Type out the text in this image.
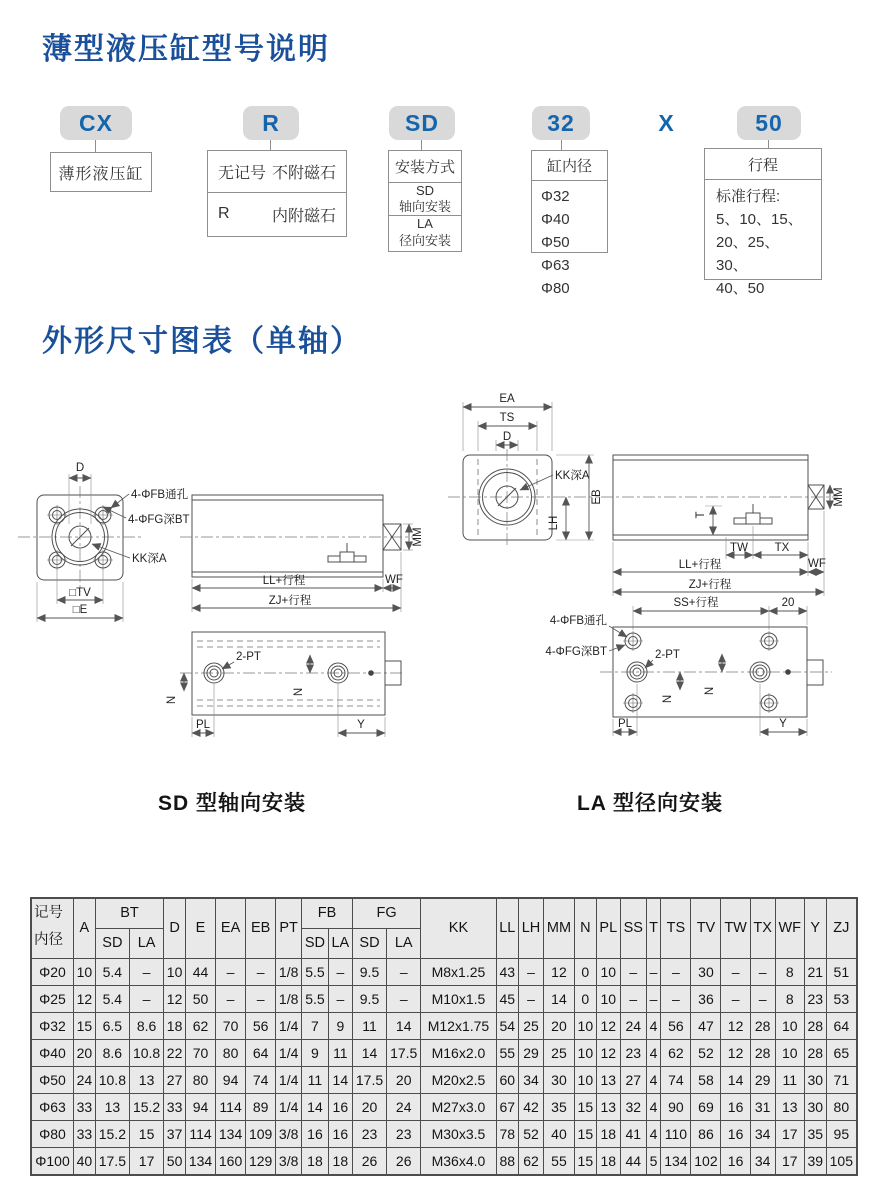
薄型液压缸型号说明
CX	R	SD	32	X	50
薄形液压缸	无记号 不附磁石
R	内附磁石
安装方式
SD
轴向安装
LA
径向安装
缸内径
Φ32 Φ40
Φ50 Φ63
Φ80
行程
标准行程:
5、10、15、
20、25、30、
40、50
外形尺寸图表（单轴）
D
4-ΦFB通孔
4-ΦFG深BT
KK深A
□TV
□E
MM
LL+行程	WF
ZJ+行程
2-PT
N
N
PL	Y
EA
TS
D
KK深A
EB
LH
MM
T
TW TX
LL+行程	WF
ZJ+行程
SS+行程	20
4-ΦFB通孔
4-ΦFG深BT	2-PT
N
N
PL	Y
SD 型轴向安装	LA 型径向安装
记号
内径	A	BT		D	E	EA	EB	PT	FB		FG		KK	LL	LH	MM	N	PL	SS	T	TS	TV	TW	TX	WF	Y	ZJ
		SD	LA						SD	LA	SD	LA															
Φ20	10	5.4	–	10	44	–	–	1/8	5.5	–	9.5	–	M8x1.25	43	–	12	0	10	–	–	–	30	–	–	8	21	51
Φ25	12	5.4	–	12	50	–	–	1/8	5.5	–	9.5	–	M10x1.5	45	–	14	0	10	–	–	–	36	–	–	8	23	53
Φ32	15	6.5	8.6	18	62	70	56	1/4	7	9	11	14	M12x1.75	54	25	20	10	12	24	4	56	47	12	28	10	28	64
Φ40	20	8.6	10.8	22	70	80	64	1/4	9	11	14	17.5	M16x2.0	55	29	25	10	12	23	4	62	52	12	28	10	28	65
Φ50	24	10.8	13	27	80	94	74	1/4	11	14	17.5	20	M20x2.5	60	34	30	10	13	27	4	74	58	14	29	11	30	71
Φ63	33	13	15.2	33	94	114	89	1/4	14	16	20	24	M27x3.0	67	42	35	15	13	32	4	90	69	16	31	13	30	80
Φ80	33	15.2	15	37	114	134	109	3/8	16	16	23	23	M30x3.5	78	52	40	15	18	41	4	110	86	16	34	17	35	95
Φ100	40	17.5	17	50	134	160	129	3/8	18	18	26	26	M36x4.0	88	62	55	15	18	44	5	134	102	16	34	17	39	105
